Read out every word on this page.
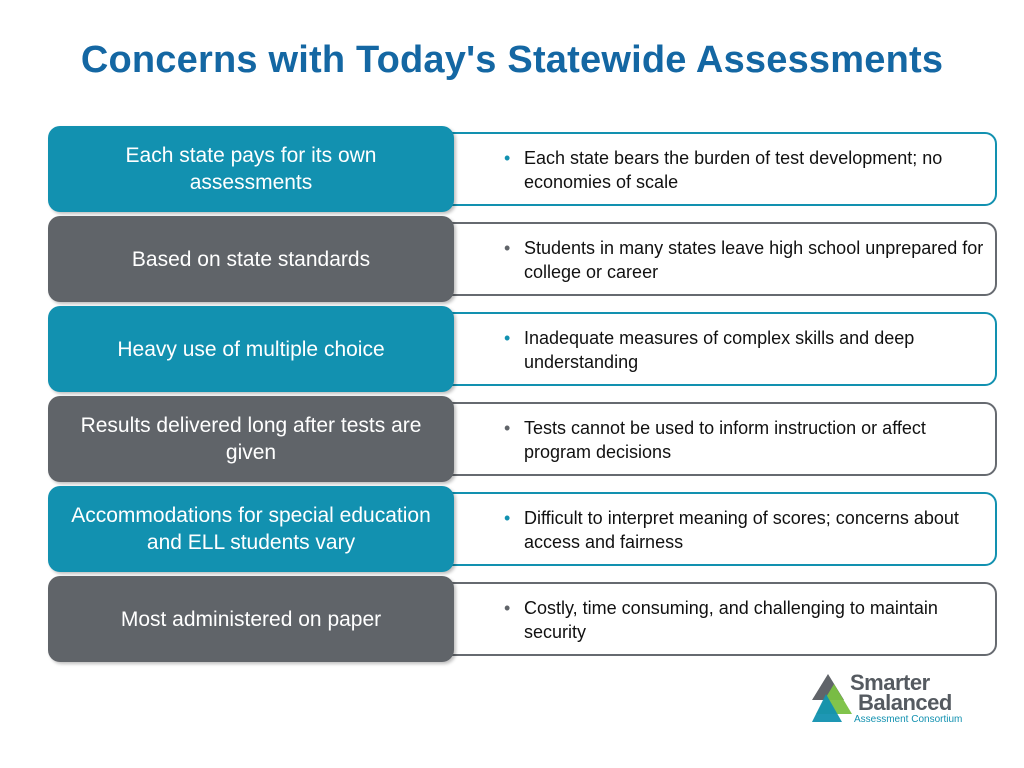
Concerns with Today's Statewide Assessments
• Each state bears the burden of test development; no economies of scale
Each state pays for its own assessments
• Students in many states leave high school unprepared for college or career
Based on state standards
• Inadequate measures of complex skills and deep understanding
Heavy use of multiple choice
• Tests cannot be used to inform instruction or affect program decisions
Results delivered long after tests are given
• Difficult to interpret meaning of scores; concerns about access and fairness
Accommodations for special education and ELL students vary
• Costly, time consuming, and challenging to maintain security
Most administered on paper
Smarter
Balanced
Assessment Consortium
